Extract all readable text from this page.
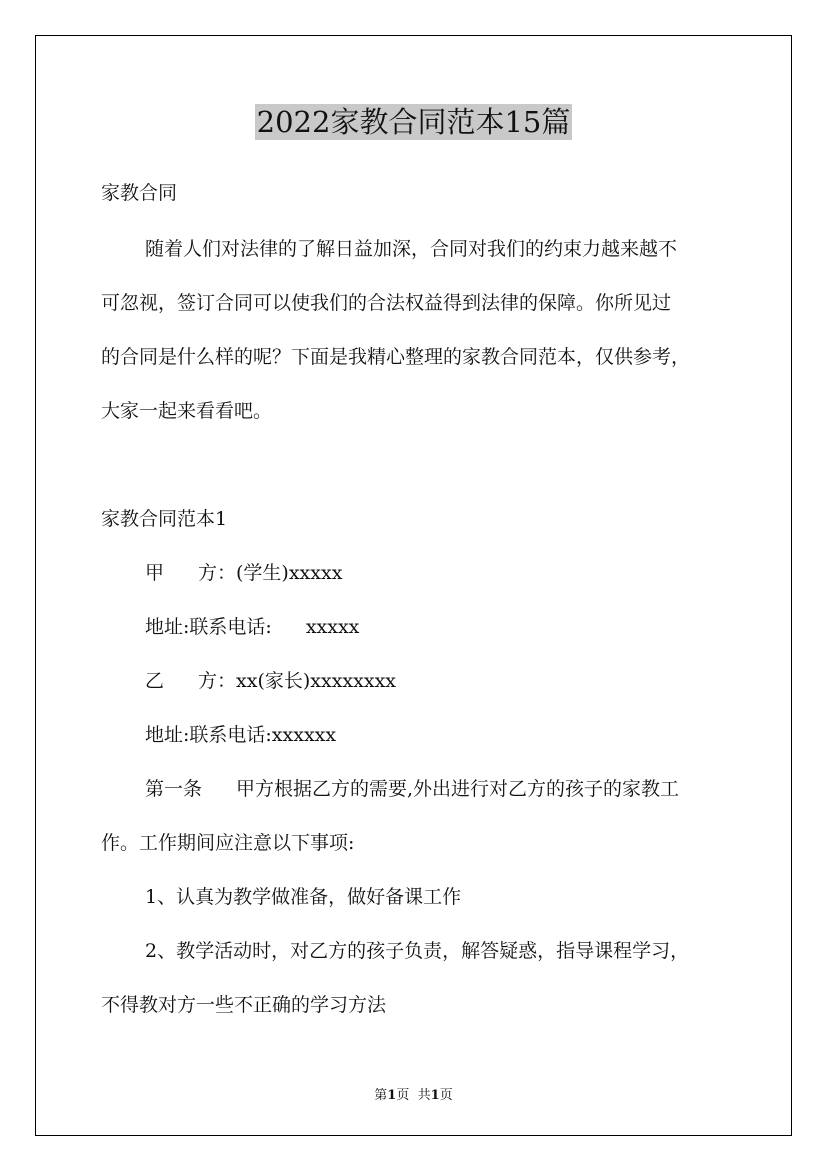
2022家教合同范本15篇
家教合同
随着人们对法律的了解日益加深，合同对我们的约束力越来越不
可忽视，签订合同可以使我们的合法权益得到法律的保障。你所见过
的合同是什么样的呢？下面是我精心整理的家教合同范本，仅供参考，
大家一起来看看吧。
家教合同范本1
甲 方：(学生)xxxxx
地址:联系电话: xxxxx
乙 方：xx(家长)xxxxxxxx
地址:联系电话:xxxxxx
第一条 甲方根据乙方的需要,外出进行对乙方的孩子的家教工
作。工作期间应注意以下事项:
1、认真为教学做准备，做好备课工作
2、教学活动时，对乙方的孩子负责，解答疑惑，指导课程学习，
不得教对方一些不正确的学习方法
第1页 共1页
